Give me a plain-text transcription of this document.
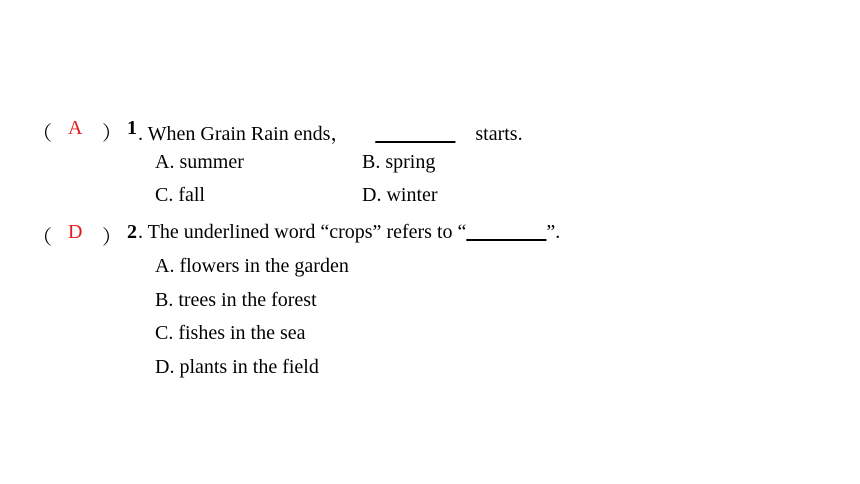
（ A ） 1 . When Grain Rain ends， ________ starts.
A. summer	B. spring
C. fall	D. winter
（ D ） 2 . The underlined word “crops” refers to “________”.
A. flowers in the garden
B. trees in the forest
C. fishes in the sea
D. plants in the field
